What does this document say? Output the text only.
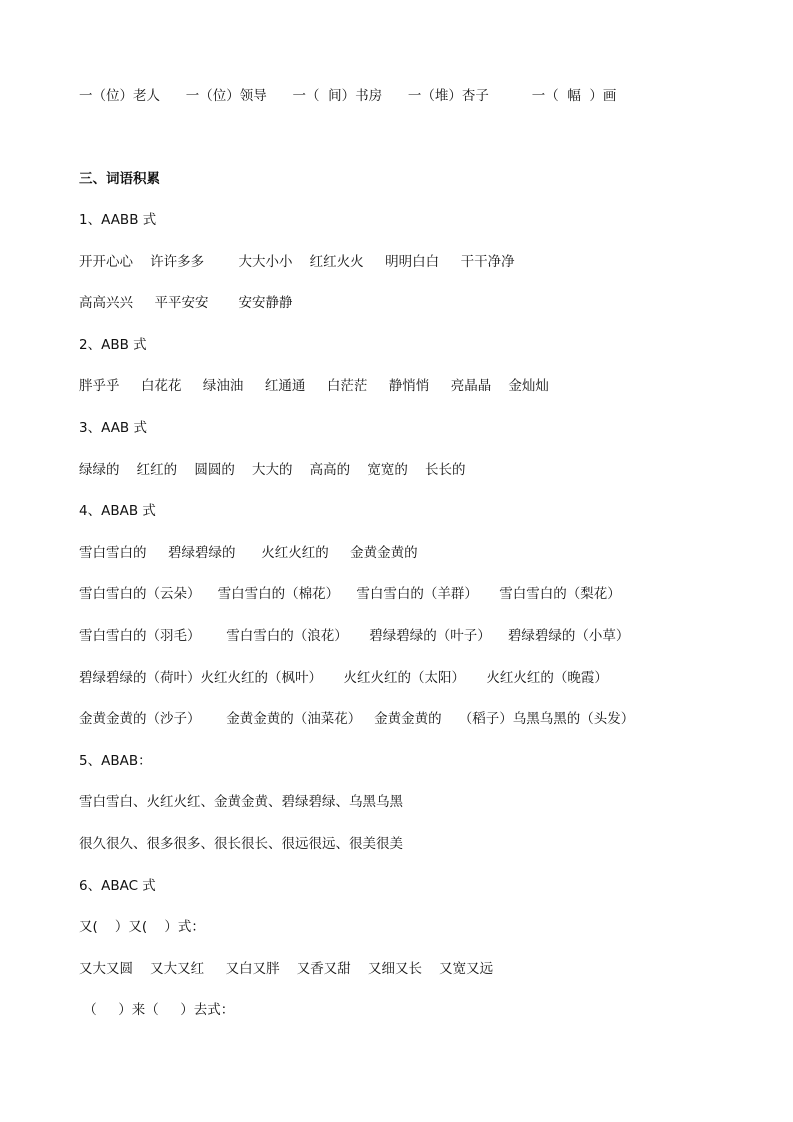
一（位）老人      一（位）领导      一（  间）书房      一（堆）杏子          一（  幅  ）画
三、词语积累
1、AABB 式
开开心心    许许多多        大大小小    红红火火     明明白白     干干净净
高高兴兴     平平安安       安安静静
2、ABB 式
胖乎乎     白花花     绿油油     红通通     白茫茫     静悄悄     亮晶晶    金灿灿
3、AAB 式
绿绿的    红红的    圆圆的    大大的    高高的    宽宽的    长长的
4、ABAB 式
雪白雪白的     碧绿碧绿的      火红火红的     金黄金黄的
雪白雪白的（云朵）    雪白雪白的（棉花）    雪白雪白的（羊群）     雪白雪白的（梨花）
雪白雪白的（羽毛）      雪白雪白的（浪花）     碧绿碧绿的（叶子）    碧绿碧绿的（小草）
碧绿碧绿的（荷叶）火红火红的（枫叶）     火红火红的（太阳）     火红火红的（晚霞）
金黄金黄的（沙子）      金黄金黄的（油菜花）   金黄金黄的    （稻子）乌黑乌黑的（头发）
5、ABAB：
雪白雪白、火红火红、金黄金黄、碧绿碧绿、乌黑乌黑
很久很久、很多很多、很长很长、很远很远、很美很美
6、ABAC 式
又(    ）又(    ）式：
又大又圆    又大又红     又白又胖    又香又甜    又细又长    又宽又远
（     ）来（     ）去式：
